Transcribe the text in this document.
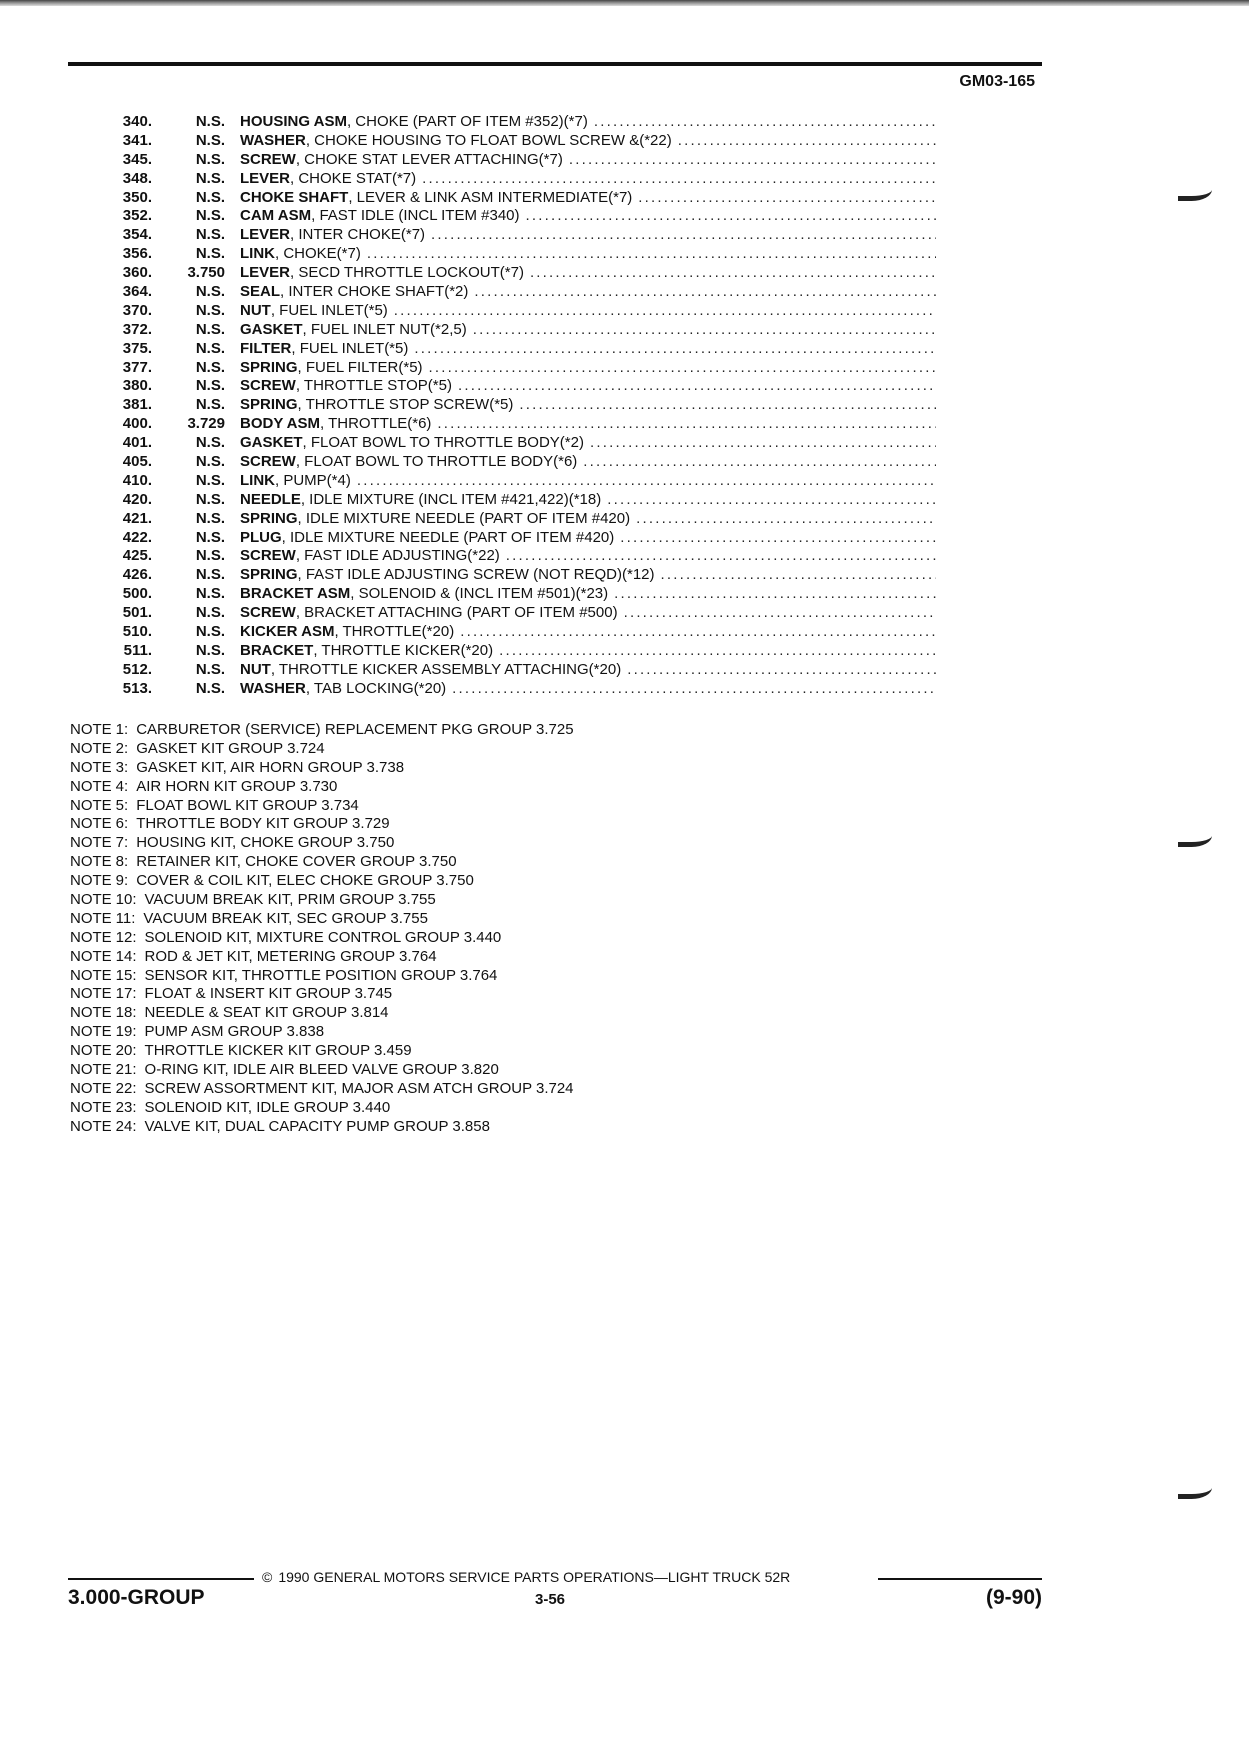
GM03-165
340.	N.S. HOUSING ASM , CHOKE (PART OF ITEM #352)(*7)
.....
341.	N.S. WASHER , CHOKE HOUSING TO FLOAT BOWL SCREW &(*22)
.....
345.	N.S. SCREW , CHOKE STAT LEVER ATTACHING(*7)
.....
348.	N.S. LEVER , CHOKE STAT(*7)
.....
350.	N.S. CHOKE SHAFT , LEVER & LINK ASM INTERMEDIATE(*7)
.....
352.	N.S. CAM ASM , FAST IDLE (INCL ITEM #340)
.....
354.	N.S. LEVER , INTER CHOKE(*7)
.....
356.	N.S. LINK , CHOKE(*7)
.....
360.	3.750 LEVER , SECD THROTTLE LOCKOUT(*7)
.....
364.	N.S. SEAL , INTER CHOKE SHAFT(*2)
.....
370.	N.S. NUT , FUEL INLET(*5)
.....
372.	N.S. GASKET , FUEL INLET NUT(*2,5)
.....
375.	N.S. FILTER , FUEL INLET(*5)
.....
377.	N.S. SPRING , FUEL FILTER(*5)
.....
380.	N.S. SCREW , THROTTLE STOP(*5)
.....
381.	N.S. SPRING , THROTTLE STOP SCREW(*5)
.....
400.	3.729 BODY ASM , THROTTLE(*6)
.....
401.	N.S. GASKET , FLOAT BOWL TO THROTTLE BODY(*2)
.....
405.	N.S. SCREW , FLOAT BOWL TO THROTTLE BODY(*6)
.....
410.	N.S. LINK , PUMP(*4)
.....
420.	N.S. NEEDLE , IDLE MIXTURE (INCL ITEM #421,422)(*18)
.....
421.	N.S. SPRING , IDLE MIXTURE NEEDLE (PART OF ITEM #420)
.....
422.	N.S. PLUG , IDLE MIXTURE NEEDLE (PART OF ITEM #420)
.....
425.	N.S. SCREW , FAST IDLE ADJUSTING(*22)
.....
426.	N.S. SPRING , FAST IDLE ADJUSTING SCREW (NOT REQD)(*12)
.....
500.	N.S. BRACKET ASM , SOLENOID & (INCL ITEM #501)(*23)
.....
501.	N.S. SCREW , BRACKET ATTACHING (PART OF ITEM #500)
.....
510.	N.S. KICKER ASM , THROTTLE(*20)
.....
511.	N.S. BRACKET , THROTTLE KICKER(*20)
.....
512.	N.S. NUT , THROTTLE KICKER ASSEMBLY ATTACHING(*20)
.....
513.	N.S. WASHER , TAB LOCKING(*20)
.....
NOTE 1: CARBURETOR (SERVICE) REPLACEMENT PKG GROUP 3.725
NOTE 2: GASKET KIT GROUP 3.724
NOTE 3: GASKET KIT, AIR HORN GROUP 3.738
NOTE 4: AIR HORN KIT GROUP 3.730
NOTE 5: FLOAT BOWL KIT GROUP 3.734
NOTE 6: THROTTLE BODY KIT GROUP 3.729
NOTE 7: HOUSING KIT, CHOKE GROUP 3.750
NOTE 8: RETAINER KIT, CHOKE COVER GROUP 3.750
NOTE 9: COVER & COIL KIT, ELEC CHOKE GROUP 3.750
NOTE 10: VACUUM BREAK KIT, PRIM GROUP 3.755
NOTE 11: VACUUM BREAK KIT, SEC GROUP 3.755
NOTE 12: SOLENOID KIT, MIXTURE CONTROL GROUP 3.440
NOTE 14: ROD & JET KIT, METERING GROUP 3.764
NOTE 15: SENSOR KIT, THROTTLE POSITION GROUP 3.764
NOTE 17: FLOAT & INSERT KIT GROUP 3.745
NOTE 18: NEEDLE & SEAT KIT GROUP 3.814
NOTE 19: PUMP ASM GROUP 3.838
NOTE 20: THROTTLE KICKER KIT GROUP 3.459
NOTE 21: O-RING KIT, IDLE AIR BLEED VALVE GROUP 3.820
NOTE 22: SCREW ASSORTMENT KIT, MAJOR ASM ATCH GROUP 3.724
NOTE 23: SOLENOID KIT, IDLE GROUP 3.440
NOTE 24: VALVE KIT, DUAL CAPACITY PUMP GROUP 3.858
© 1990 GENERAL MOTORS SERVICE PARTS OPERATIONS—LIGHT TRUCK 52R
3.000-GROUP	3-56	(9-90)
